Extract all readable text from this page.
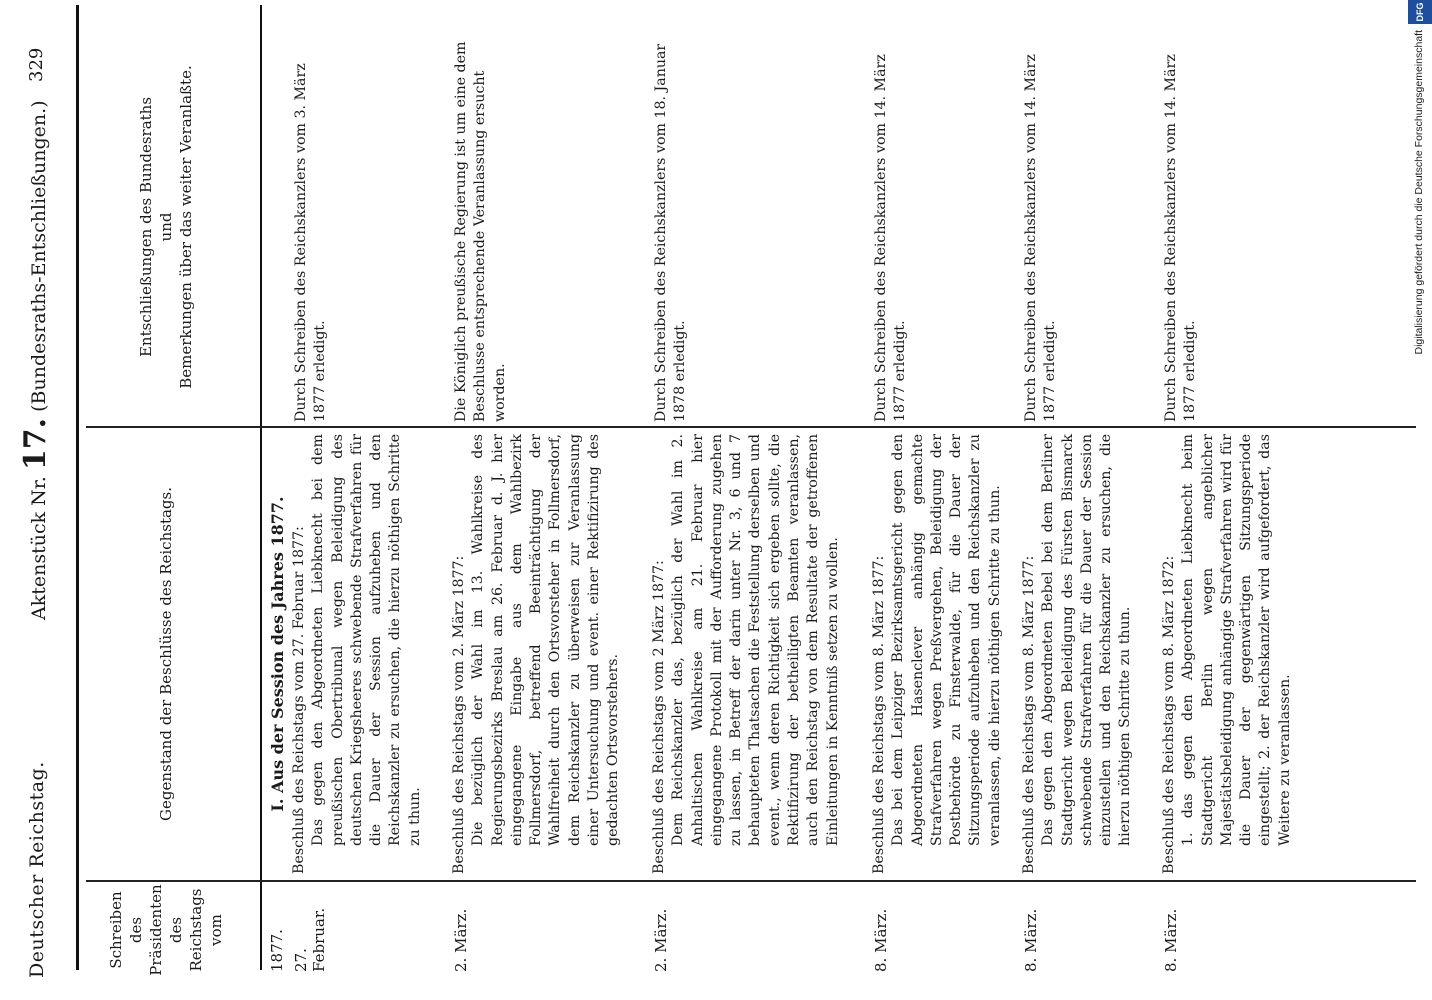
Deutscher Reichstag.
Aktenstück Nr. 17. (Bundesraths-Entschließungen.)
329
Schreiben des Präsidenten des Reichstags vom
Gegenstand der Beschlüsse des Reichstags.
Entschließungen des Bundesraths und Bemerkungen über das weiter Veranlaßte.
I. Aus der Session des Jahres 1877.
1877. 27. Februar.
Beschluß des Reichstags vom 27. Februar 1877: Das gegen den Abgeordneten Liebknecht bei dem preußischen Obertribunal wegen Beleidigung des deutschen Kriegsheeres schwebende Strafverfahren für die Dauer der Session aufzuheben und den Reichskanzler zu ersuchen, die hierzu nöthigen Schritte zu thun.
Durch Schreiben des Reichskanzlers vom 3. März 1877 erledigt.
2. März.
Beschluß des Reichstags vom 2. März 1877: Die bezüglich der Wahl im 13. Wahlkreise des Regierungsbezirks Breslau am 26. Februar d. J. hier eingegangene Eingabe aus dem Wahlbezirk Follmersdorf, betreffend Beeinträchtigung der Wahlfreiheit durch den Ortsvorsteher in Follmersdorf, dem Reichskanzler zu überweisen zur Veranlassung einer Untersuchung und event. einer Rektifizirung des gedachten Ortsvorstehers.
Die Königlich preußische Regierung ist um eine dem Beschlusse entsprechende Veranlassung ersucht worden.
2. März.
Beschluß des Reichstags vom 2 März 1877: Dem Reichskanzler das, bezüglich der Wahl im 2. Anhaltischen Wahlkreise am 21. Februar hier eingegangene Protokoll mit der Aufforderung zugehen zu lassen, in Betreff der darin unter Nr. 3, 6 und 7 behaupteten Thatsachen die Feststellung derselben und event., wenn deren Richtigkeit sich ergeben sollte, die Rektifizirung der betheiligten Beamten veranlassen, auch den Reichstag von dem Resultate der getroffenen Einleitungen in Kenntniß setzen zu wollen.
Durch Schreiben des Reichskanzlers vom 18. Januar 1878 erledigt.
8. März.
Beschluß des Reichstags vom 8. März 1877: Das bei dem Leipziger Bezirksamtsgericht gegen den Abgeordneten Hasenclever anhängig gemachte Strafverfahren wegen Preßvergehen, Beleidigung der Postbehörde zu Finsterwalde, für die Dauer der Sitzungsperiode aufzuheben und den Reichskanzler zu veranlassen, die hierzu nöthigen Schritte zu thun.
Durch Schreiben des Reichskanzlers vom 14. März 1877 erledigt.
8. März.
Beschluß des Reichstags vom 8. März 1877: Das gegen den Abgeordneten Bebel bei dem Berliner Stadtgericht wegen Beleidigung des Fürsten Bismarck schwebende Strafverfahren für die Dauer der Session einzustellen und den Reichskanzler zu ersuchen, die hierzu nöthigen Schritte zu thun.
Durch Schreiben des Reichskanzlers vom 14. März 1877 erledigt.
8. März.
Beschluß des Reichstags vom 8. März 1872: 1. das gegen den Abgeordneten Liebknecht beim Stadtgericht Berlin wegen angeblicher Majestätsbeleidigung anhängige Strafverfahren wird für die Dauer der gegenwärtigen Sitzungsperiode eingestellt; 2. der Reichskanzler wird aufgefordert, das Weitere zu veranlassen.
Durch Schreiben des Reichskanzlers vom 14. März 1877 erledigt.
Digitalisierung gefördert durch die Deutsche Forschungsgemeinschaft
DFG
